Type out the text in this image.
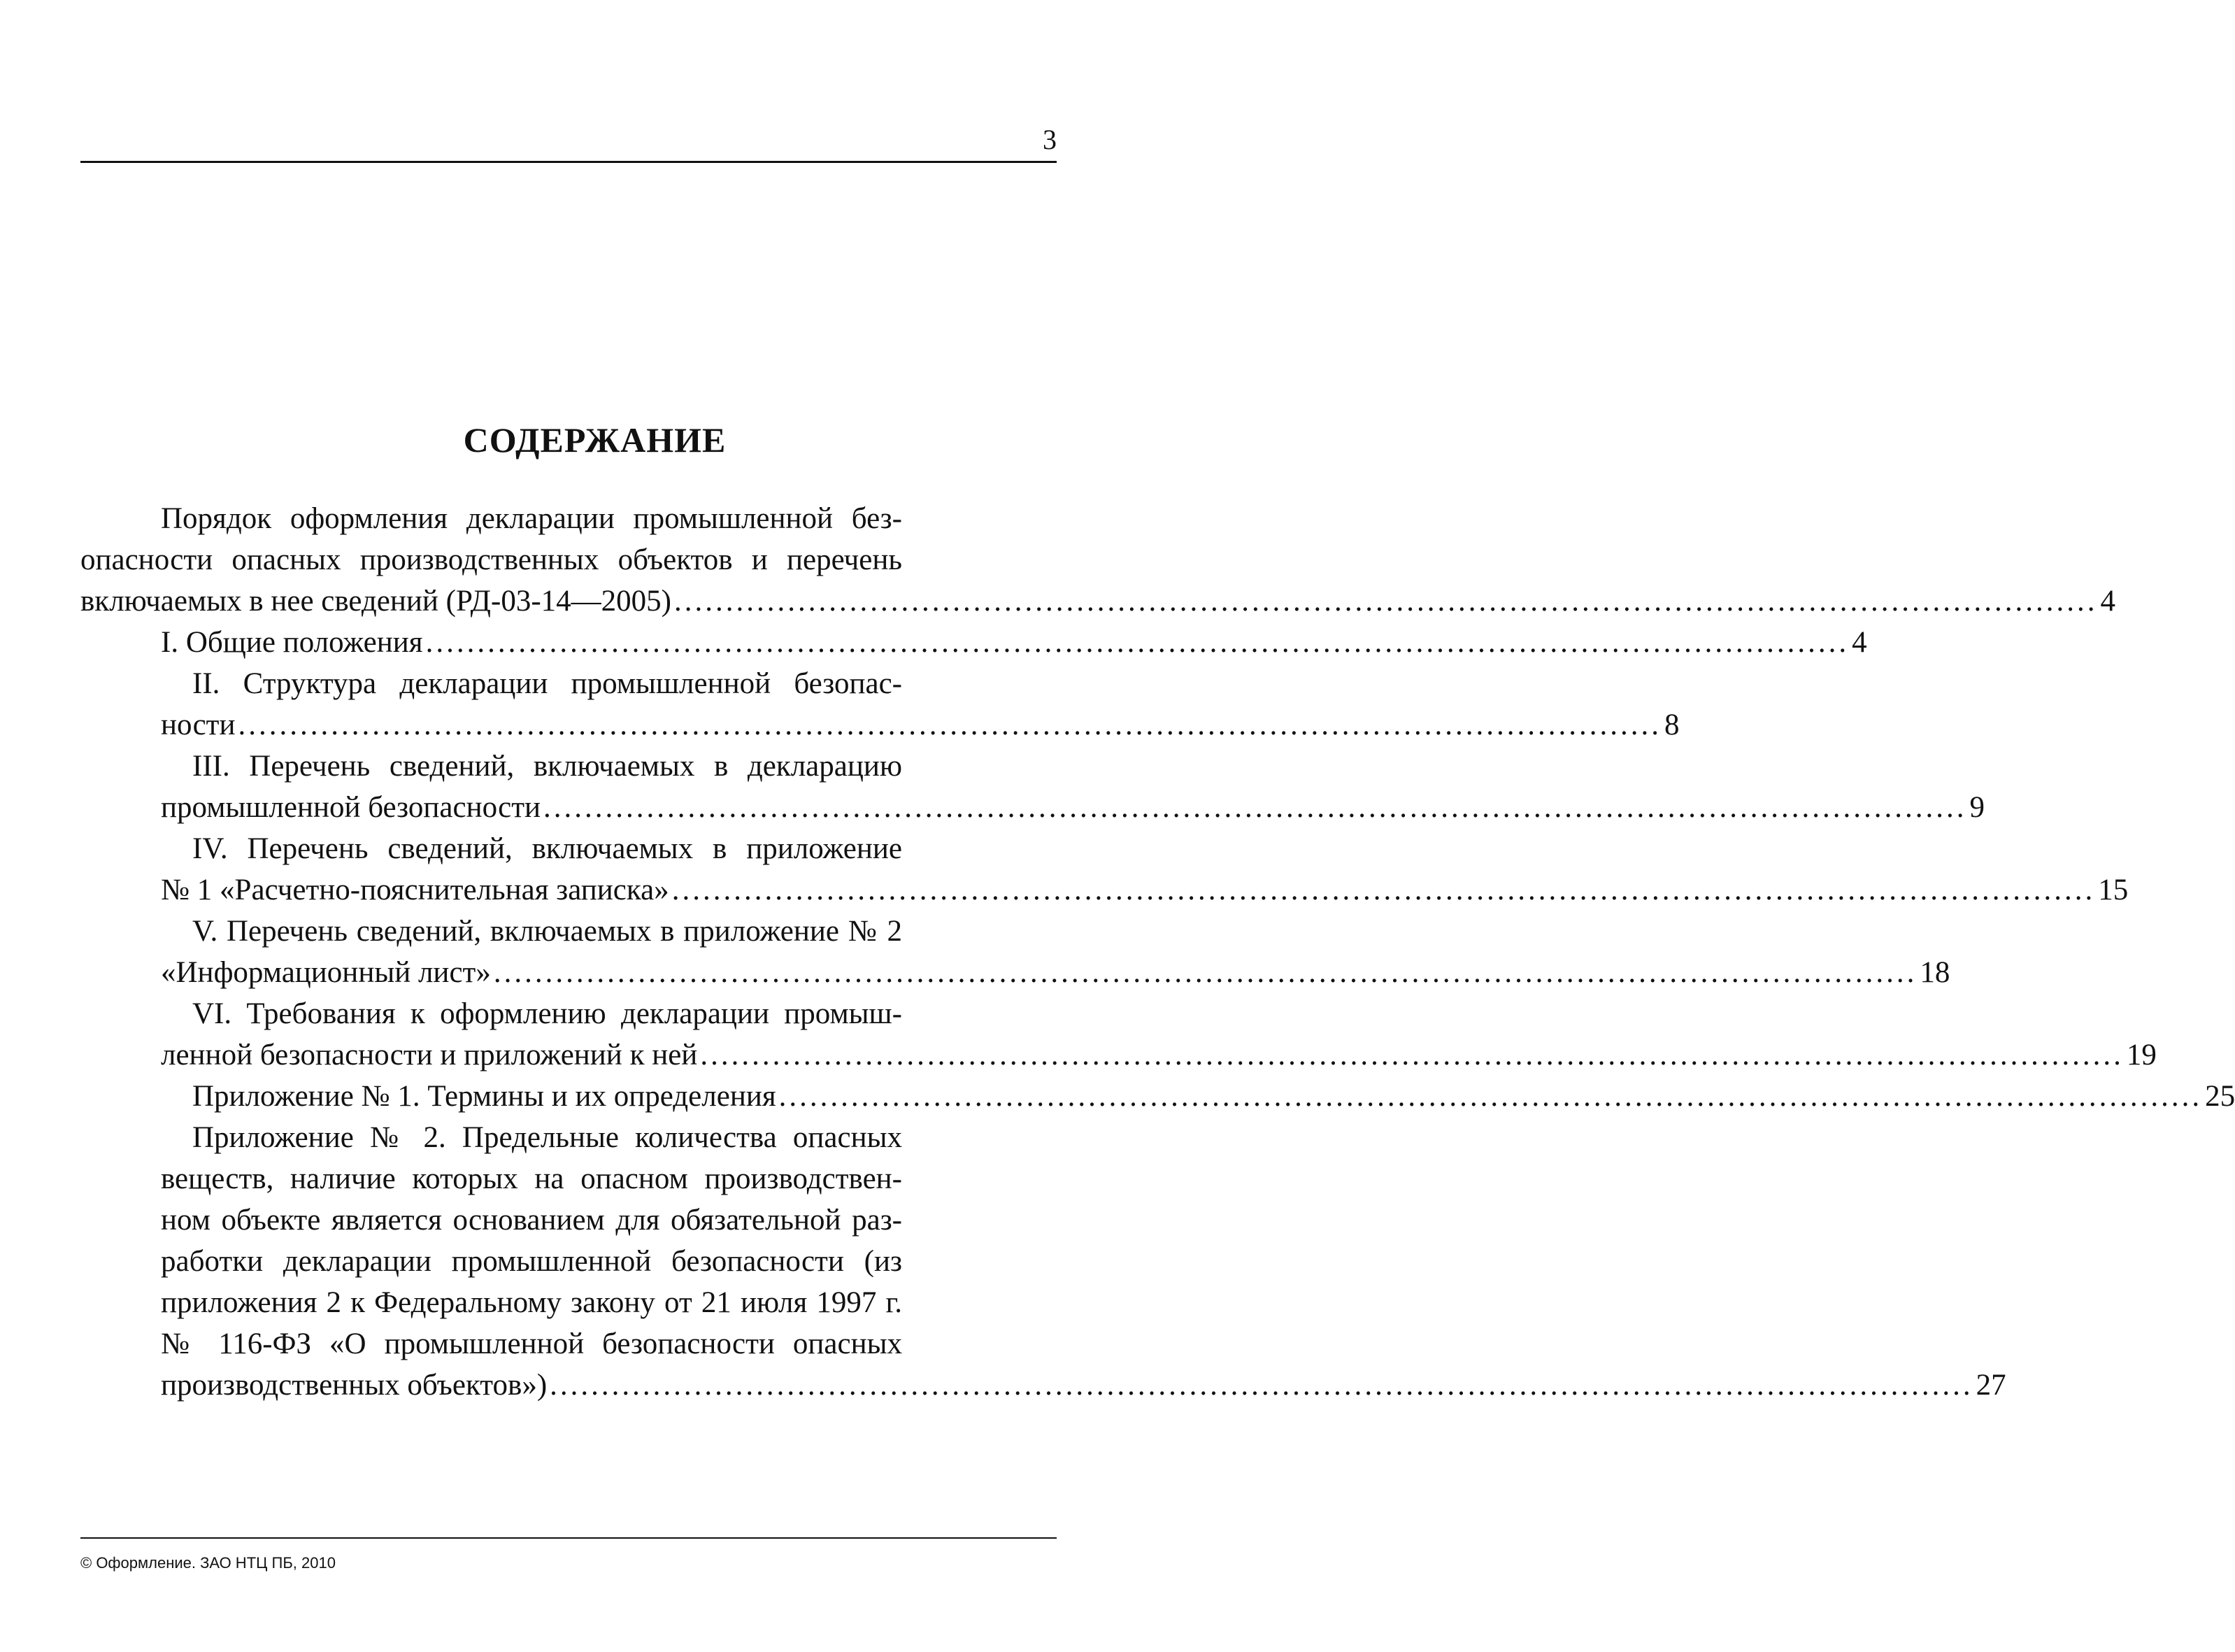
3
СОДЕРЖАНИЕ
Порядок оформления декларации промышленной без-
опасности опасных производственных объектов и перечень
включаемых в нее сведений (РД-03-14—2005) .......................................................................................................................................... 4
I. Общие положения .......................................................................................................................................... 4
II. Структура декларации промышленной безопас-
ности .......................................................................................................................................... 8
III. Перечень сведений, включаемых в декларацию
промышленной безопасности .......................................................................................................................................... 9
IV. Перечень сведений, включаемых в приложение
№ 1 «Расчетно-пояснительная записка» .......................................................................................................................................... 15
V. Перечень сведений, включаемых в приложение № 2
«Информационный лист» .......................................................................................................................................... 18
VI. Требования к оформлению декларации промыш-
ленной безопасности и приложений к ней .......................................................................................................................................... 19
Приложение № 1. Термины и их определения .......................................................................................................................................... 25
Приложение № 2. Предельные количества опасных
веществ, наличие которых на опасном производствен-
ном объекте является основанием для обязательной раз-
работки декларации промышленной безопасности (из
приложения 2 к Федеральному закону от 21 июля 1997 г.
№ 116-ФЗ «О промышленной безопасности опасных
производственных объектов») .......................................................................................................................................... 27
© Оформление. ЗАО НТЦ ПБ, 2010
